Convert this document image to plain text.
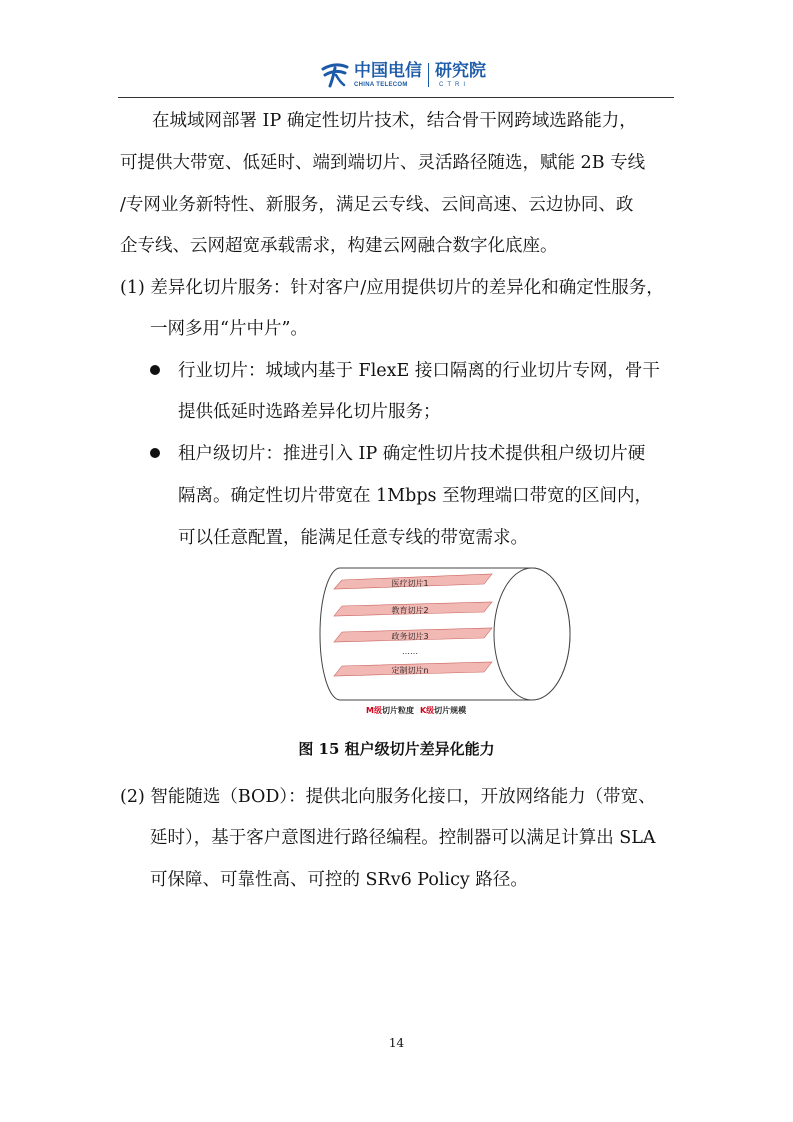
中国电信
CHINA TELECOM
研究院
CTRI
在城域网部署 IP 确定性切片技术，结合骨干网跨域选路能力，
可提供大带宽、低延时、端到端切片、灵活路径随选，赋能 2B 专线
/专网业务新特性、新服务，满足云专线、云间高速、云边协同、政
企专线、云网超宽承载需求，构建云网融合数字化底座。
(1) 差异化切片服务：针对客户/应用提供切片的差异化和确定性服务，
一网多用“片中片”。
行业切片：城域内基于 FlexE 接口隔离的行业切片专网，骨干
提供低延时选路差异化切片服务；
租户级切片：推进引入 IP 确定性切片技术提供租户级切片硬
隔离。确定性切片带宽在 1Mbps 至物理端口带宽的区间内，
可以任意配置，能满足任意专线的带宽需求。
医疗切片1
教育切片2
政务切片3
……
定制切片n
M级切片粒度 K级切片规模
图 15 租户级切片差异化能力
(2) 智能随选（BOD）：提供北向服务化接口，开放网络能力（带宽、
延时），基于客户意图进行路径编程。控制器可以满足计算出 SLA
可保障、可靠性高、可控的 SRv6 Policy 路径。
14
